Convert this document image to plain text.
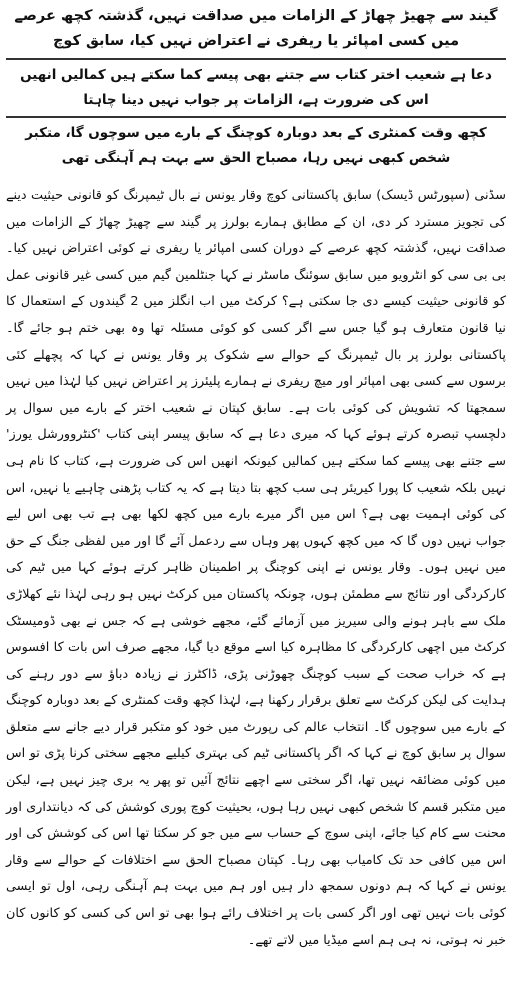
گیند سے چھیڑ چھاڑ کے الزامات میں صداقت نہیں، گذشتہ کچھ عرصے میں کسی امپائر یا ریفری نے اعتراض نہیں کیا، سابق کوچ
دعا ہے شعیب اختر کتاب سے جتنے بھی پیسے کما سکتے ہیں کمالیں انھیں اس کی ضرورت ہے، الزامات پر جواب نہیں دینا چاہتا
کچھ وقت کمنٹری کے بعد دوبارہ کوچنگ کے بارے میں سوچوں گا، متکبر شخص کبھی نہیں رہا، مصباح الحق سے بہت ہم آہنگی تھی

سڈنی (سپورٹس ڈیسک) سابق پاکستانی کوچ وقار یونس نے بال ٹیمپرنگ کو قانونی حیثیت دینے کی تجویز مسترد کر دی، ان کے مطابق ہمارے بولرز پر گیند سے چھیڑ چھاڑ کے الزامات میں صداقت نہیں، گذشتہ کچھ عرصے کے دوران کسی امپائر یا ریفری نے کوئی اعتراض نہیں کیا۔ بی بی سی کو انٹرویو میں سابق سوئنگ ماسٹر نے کہا جنٹلمین گیم میں کسی غیر قانونی عمل کو قانونی حیثیت کیسے دی جا سکتی ہے؟ کرکٹ میں اب انگلز میں 2 گیندوں کے استعمال کا نیا قانون متعارف ہو گیا جس سے اگر کسی کو کوئی مسئلہ تھا وہ بھی ختم ہو جائے گا۔ پاکستانی بولرز پر بال ٹیمپرنگ کے حوالے سے شکوک پر وقار یونس نے کہا کہ پچھلے کئی برسوں سے کسی بھی امپائر اور میچ ریفری نے ہمارے پلیئرز پر اعتراض نہیں کیا لہٰذا میں نہیں سمجھتا کہ تشویش کی کوئی بات ہے۔ سابق کپتان نے شعیب اختر کے بارے میں سوال پر دلچسپ تبصرہ کرتے ہوئے کہا کہ میری دعا ہے کہ سابق پیسر اپنی کتاب 'کنٹروورشل یورز' سے جتنے بھی پیسے کما سکتے ہیں کمالیں کیونکہ انھیں اس کی ضرورت ہے، کتاب کا نام ہی نہیں بلکہ شعیب کا پورا کیریئر ہی سب کچھ بتا دیتا ہے کہ یہ کتاب پڑھنی چاہیے یا نہیں، اس کی کوئی اہمیت بھی ہے؟ اس میں اگر میرے بارے میں کچھ لکھا بھی ہے تب بھی اس لیے جواب نہیں دوں گا کہ میں کچھ کہوں پھر وہاں سے ردعمل آئے گا اور میں لفظی جنگ کے حق میں نہیں ہوں۔ وقار یونس نے اپنی کوچنگ پر اطمینان ظاہر کرتے ہوئے کہا میں ٹیم کی کارکردگی اور نتائج سے مطمئن ہوں، چونکہ پاکستان میں کرکٹ نہیں ہو رہی لہٰذا نئے کھلاڑی ملک سے باہر ہونے والی سیریز میں آزمائے گئے، مجھے خوشی ہے کہ جس نے بھی ڈومیسٹک کرکٹ میں اچھی کارکردگی کا مظاہرہ کیا اسے موقع دیا گیا، مجھے صرف اس بات کا افسوس ہے کہ خراب صحت کے سبب کوچنگ چھوڑنی پڑی، ڈاکٹرز نے زیادہ دباؤ سے دور رہنے کی ہدایت کی لیکن کرکٹ سے تعلق برقرار رکھنا ہے، لہٰذا کچھ وقت کمنٹری کے بعد دوبارہ کوچنگ کے بارے میں سوچوں گا۔ انتخاب عالم کی رپورٹ میں خود کو متکبر قرار دیے جانے سے متعلق سوال پر سابق کوچ نے کہا کہ اگر پاکستانی ٹیم کی بہتری کیلیے مجھے سختی کرنا پڑی تو اس میں کوئی مضائقہ نہیں تھا، اگر سختی سے اچھے نتائج آئیں تو پھر یہ بری چیز نہیں ہے، لیکن میں متکبر قسم کا شخص کبھی نہیں رہا ہوں، بحیثیت کوچ پوری کوشش کی کہ دیانتداری اور محنت سے کام کیا جائے، اپنی سوچ کے حساب سے میں جو کر سکتا تھا اس کی کوشش کی اور اس میں کافی حد تک کامیاب بھی رہا۔ کپتان مصباح الحق سے اختلافات کے حوالے سے وقار یونس نے کہا کہ ہم دونوں سمجھ دار ہیں اور ہم میں بہت ہم آہنگی رہی، اول تو ایسی کوئی بات نہیں تھی اور اگر کسی بات پر اختلاف رائے ہوا بھی تو اس کی کسی کو کانوں کان خبر نہ ہوتی، نہ ہی ہم اسے میڈیا میں لاتے تھے۔
